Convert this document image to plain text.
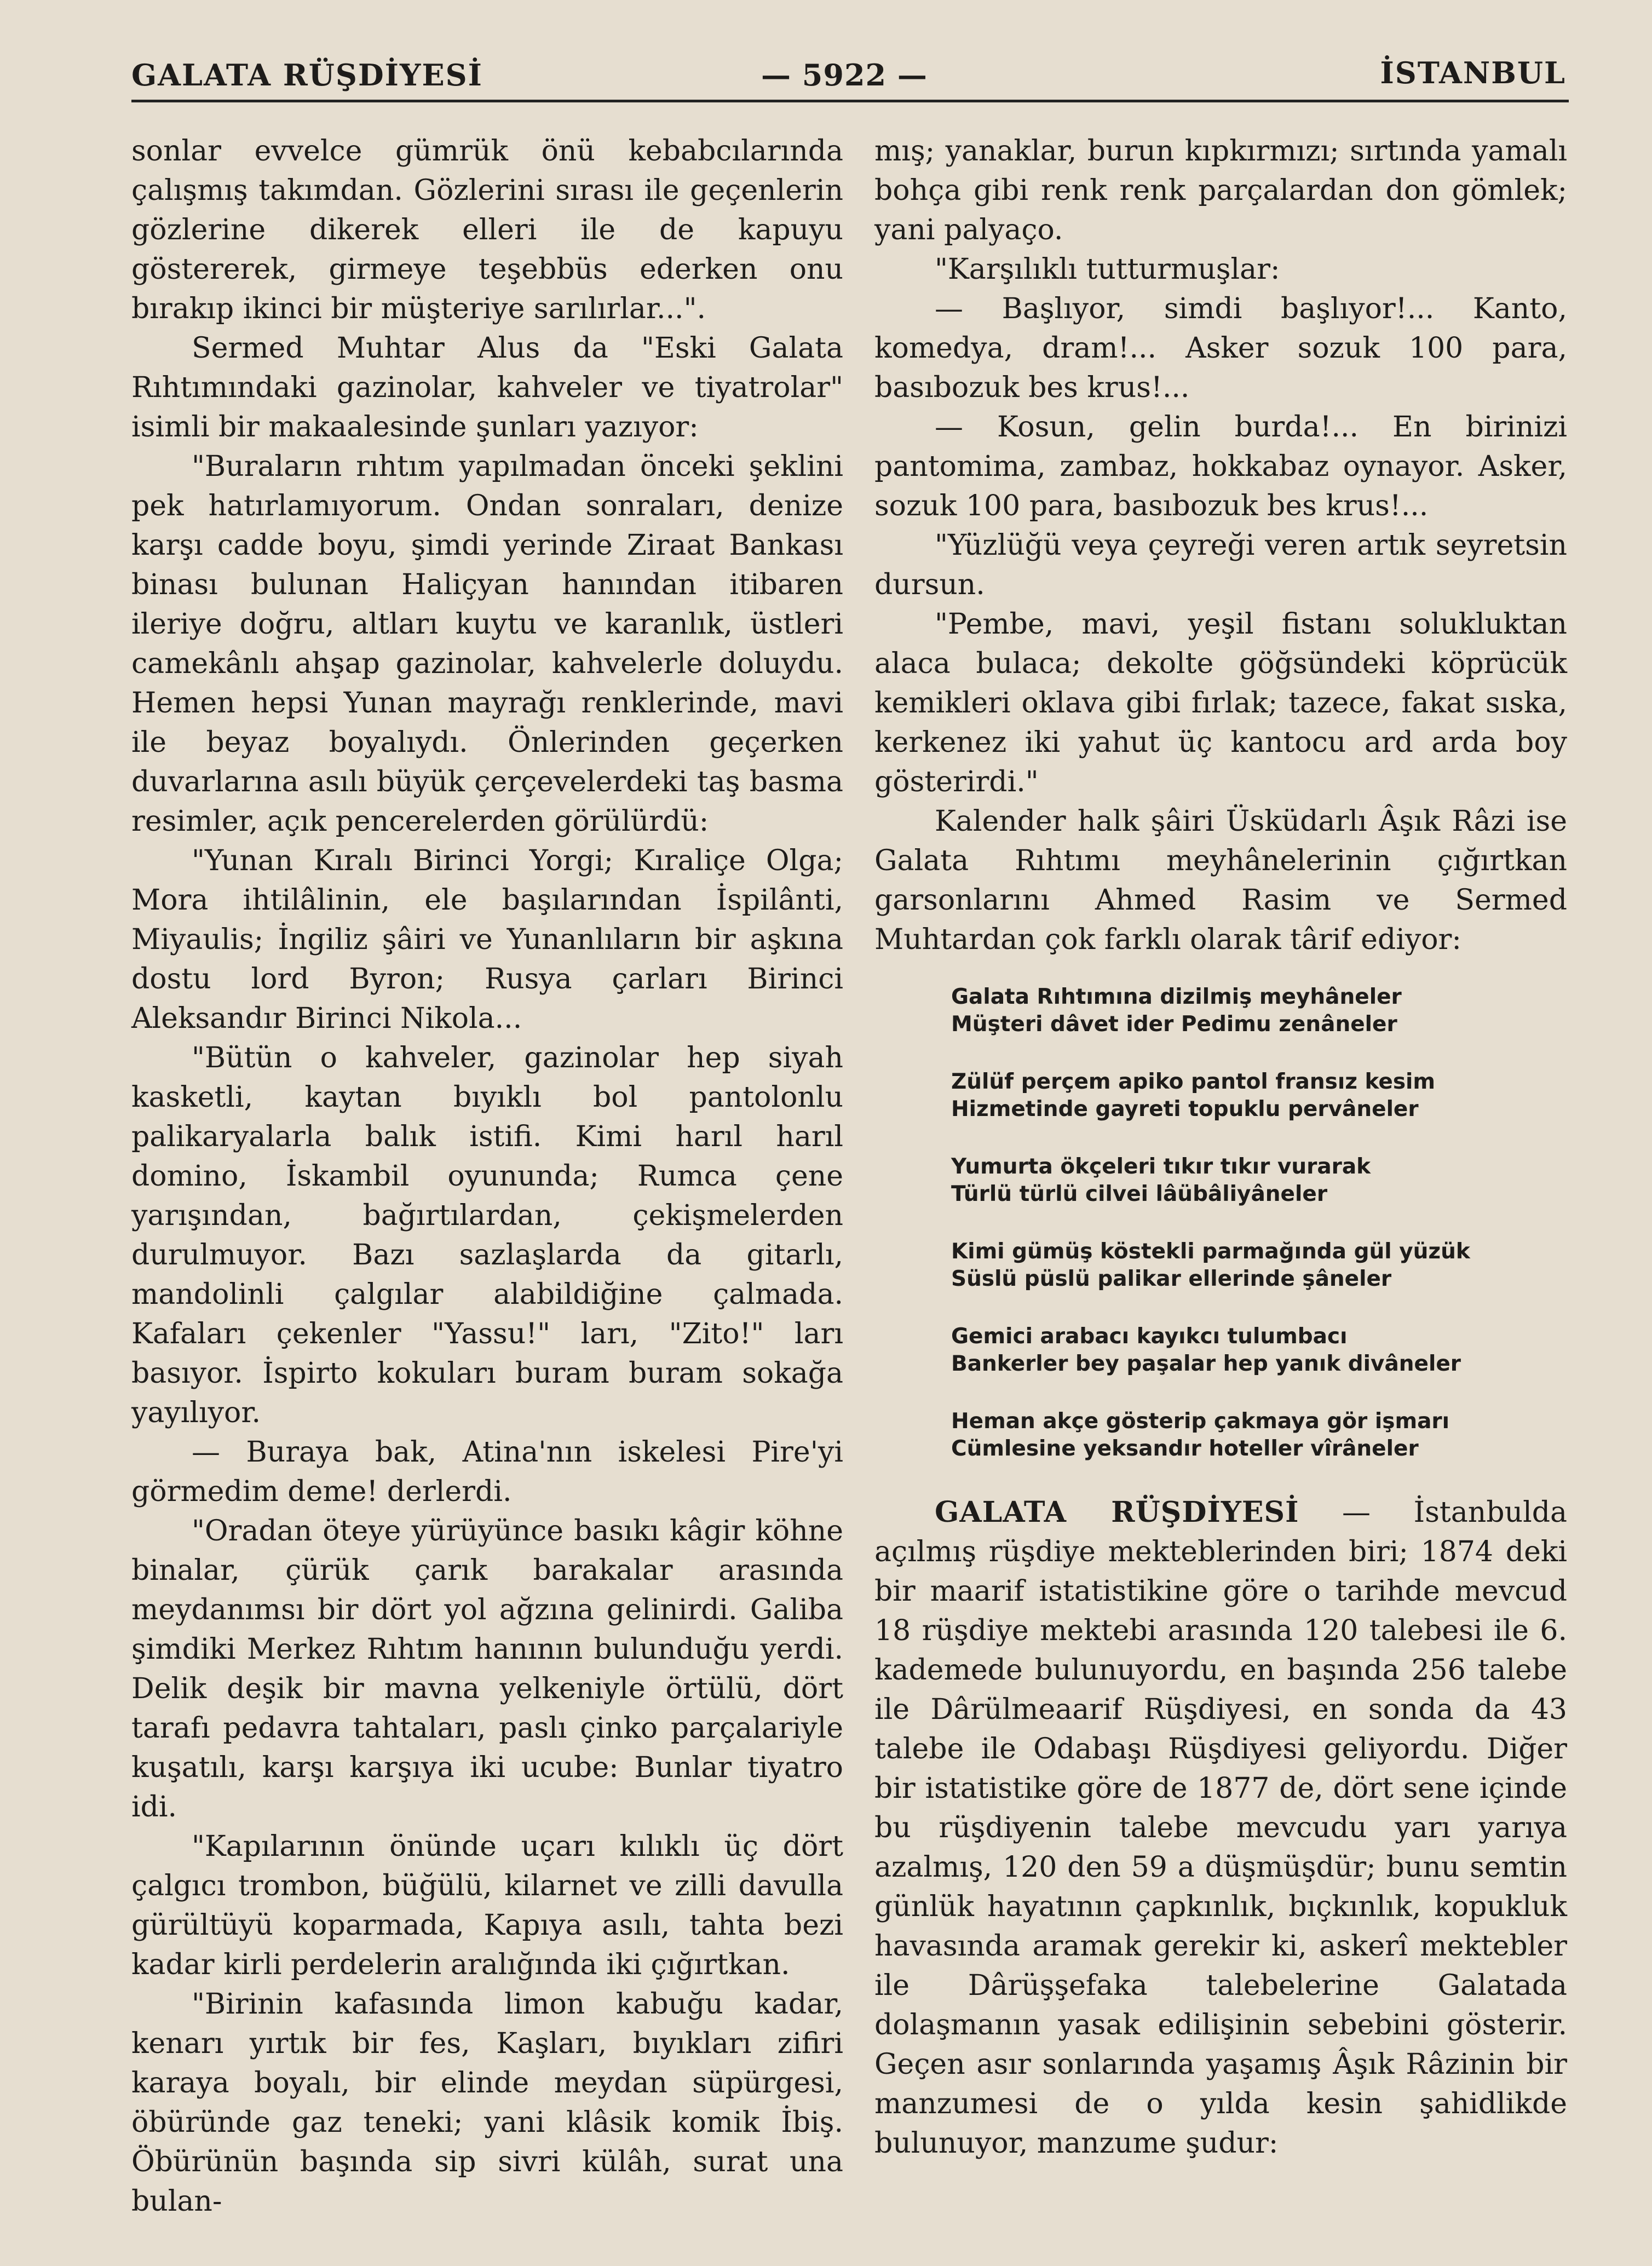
GALATA RÜŞDİYESİ	— 5922 —	İSTANBUL

sonlar evvelce gümrük önü kebabcılarında çalışmış takımdan. Gözlerini sırası ile geçenlerin gözlerine dikerek elleri ile de kapuyu göstererek, girmeye teşebbüs ederken onu bırakıp ikinci bir müşteriye sarılırlar...".

Sermed Muhtar Alus da "Eski Galata Rıhtımındaki gazinolar, kahveler ve tiyatrolar" isimli bir makaalesinde şunları yazıyor:

"Buraların rıhtım yapılmadan önceki şeklini pek hatırlamıyorum. Ondan sonraları, denize karşı cadde boyu, şimdi yerinde Ziraat Bankası binası bulunan Haliçyan hanından itibaren ileriye doğru, altları kuytu ve karanlık, üstleri camekânlı ahşap gazinolar, kahvelerle doluydu. Hemen hepsi Yunan mayrağı renklerinde, mavi ile beyaz boyalıydı. Önlerinden geçerken duvarlarına asılı büyük çerçevelerdeki taş basma resimler, açık pencerelerden görülürdü:

"Yunan Kıralı Birinci Yorgi; Kıraliçe Olga; Mora ihtilâlinin, ele başılarından İspilânti, Miyaulis; İngiliz şâiri ve Yunanlıların bir aşkına dostu lord Byron; Rusya çarları Birinci Aleksandır Birinci Nikola...

"Bütün o kahveler, gazinolar hep siyah kasketli, kaytan bıyıklı bol pantolonlu palikaryalarla balık istifi. Kimi harıl harıl domino, İskambil oyununda; Rumca çene yarışından, bağırtılardan, çekişmelerden durulmuyor. Bazı sazlaşlarda da gitarlı, mandolinli çalgılar alabildiğine çalmada. Kafaları çekenler "Yassu!" ları, "Zito!" ları basıyor. İspirto kokuları buram buram sokağa yayılıyor.

— Buraya bak, Atina'nın iskelesi Pire'yi görmedim deme! derlerdi.

"Oradan öteye yürüyünce basıkı kâgir köhne binalar, çürük çarık barakalar arasında meydanımsı bir dört yol ağzına gelinirdi. Galiba şimdiki Merkez Rıhtım hanının bulunduğu yerdi. Delik deşik bir mavna yelkeniyle örtülü, dört tarafı pedavra tahtaları, paslı çinko parçalariyle kuşatılı, karşı karşıya iki ucube: Bunlar tiyatro idi.

"Kapılarının önünde uçarı kılıklı üç dört çalgıcı trombon, büğülü, kilarnet ve zilli davulla gürültüyü koparmada, Kapıya asılı, tahta bezi kadar kirli perdelerin aralığında iki çığırtkan.

"Birinin kafasında limon kabuğu kadar, kenarı yırtık bir fes, Kaşları, bıyıkları zifiri karaya boyalı, bir elinde meydan süpürgesi, öbüründe gaz teneki; yani klâsik komik İbiş. Öbürünün başında sip sivri külâh, surat una bulan-

mış; yanaklar, burun kıpkırmızı; sırtında yamalı bohça gibi renk renk parçalardan don gömlek; yani palyaço.

"Karşılıklı tutturmuşlar:

— Başlıyor, simdi başlıyor!... Kanto, komedya, dram!... Asker sozuk 100 para, basıbozuk bes krus!...

— Kosun, gelin burda!... En birinizi pantomima, zambaz, hokkabaz oynayor. Asker, sozuk 100 para, basıbozuk bes krus!...

"Yüzlüğü veya çeyreği veren artık seyretsin dursun.

"Pembe, mavi, yeşil fistanı solukluktan alaca bulaca; dekolte göğsündeki köprücük kemikleri oklava gibi fırlak; tazece, fakat sıska, kerkenez iki yahut üç kantocu ard arda boy gösterirdi."

Kalender halk şâiri Üsküdarlı Âşık Râzi ise Galata Rıhtımı meyhânelerinin çığırtkan garsonlarını Ahmed Rasim ve Sermed Muhtardan çok farklı olarak târif ediyor:

Galata Rıhtımına dizilmiş meyhâneler
Müşteri dâvet ider Pedimu zenâneler
Zülüf perçem apiko pantol fransız kesim
Hizmetinde gayreti topuklu pervâneler
Yumurta ökçeleri tıkır tıkır vurarak
Türlü türlü cilvei lâübâliyâneler
Kimi gümüş köstekli parmağında gül yüzük
Süslü püslü palikar ellerinde şâneler
Gemici arabacı kayıkcı tulumbacı
Bankerler bey paşalar hep yanık divâneler
Heman akçe gösterip çakmaya gör işmarı
Cümlesine yeksandır hoteller vîrâneler

GALATA RÜŞDİYESİ — İstanbulda açılmış rüşdiye mekteblerinden biri; 1874 deki bir maarif istatistikine göre o tarihde mevcud 18 rüşdiye mektebi arasında 120 talebesi ile 6. kademede bulunuyordu, en başında 256 talebe ile Dârülmeaarif Rüşdiyesi, en sonda da 43 talebe ile Odabaşı Rüşdiyesi geliyordu. Diğer bir istatistike göre de 1877 de, dört sene içinde bu rüşdiyenin talebe mevcudu yarı yarıya azalmış, 120 den 59 a düşmüşdür; bunu semtin günlük hayatının çapkınlık, bıçkınlık, kopukluk havasında aramak gerekir ki, askerî mektebler ile Dârüşşefaka talebelerine Galatada dolaşmanın yasak edilişinin sebebini gösterir. Geçen asır sonlarında yaşamış Âşık Râzinin bir manzumesi de o yılda kesin şahidlikde bulunuyor, manzume şudur:
